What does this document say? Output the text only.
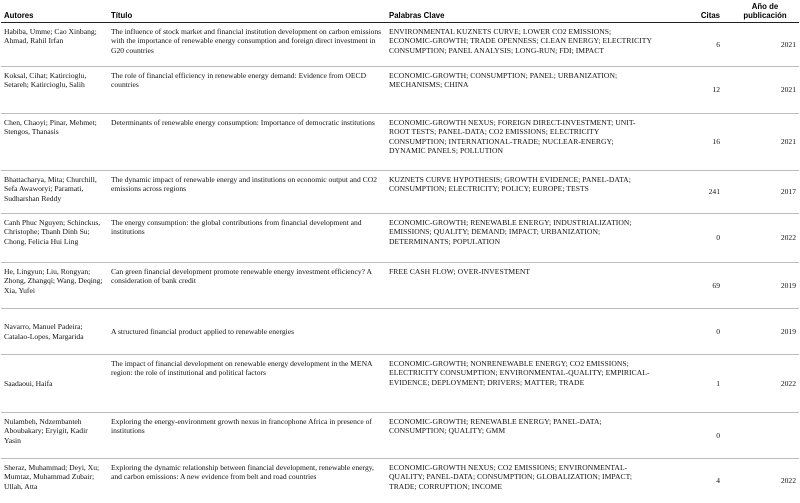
Autores	Título	Palabras Clave	Citas	Año de publicación
Habiba, Umme; Cao Xinbang; Ahmad, Rahil Irfan	The influence of stock market and financial institution development on carbon emissions with the importance of renewable energy consumption and foreign direct investment in G20 countries	ENVIRONMENTAL KUZNETS CURVE; LOWER CO2 EMISSIONS; ECONOMIC-GROWTH; TRADE OPENNESS; CLEAN ENERGY; ELECTRICITY CONSUMPTION; PANEL ANALYSIS; LONG-RUN; FDI; IMPACT	6	2021
Koksal, Cihat; Katircioglu, Setareh; Katircioglu, Salih	The role of financial efficiency in renewable energy demand: Evidence from OECD countries	ECONOMIC-GROWTH; CONSUMPTION; PANEL; URBANIZATION; MECHANISMS; CHINA	12	2021
Chen, Chaoyi; Pinar, Mehmet; Stengos, Thanasis	Determinants of renewable energy consumption: Importance of democratic institutions	ECONOMIC-GROWTH NEXUS; FOREIGN DIRECT-INVESTMENT; UNIT-ROOT TESTS; PANEL-DATA; CO2 EMISSIONS; ELECTRICITY CONSUMPTION; INTERNATIONAL-TRADE; NUCLEAR-ENERGY; DYNAMIC PANELS; POLLUTION	16	2021
Bhattacharya, Mita; Churchill, Sefa Awaworyi; Paramati, Sudharshan Reddy	The dynamic impact of renewable energy and institutions on economic output and CO2 emissions across regions	KUZNETS CURVE HYPOTHESIS; GROWTH EVIDENCE; PANEL-DATA; CONSUMPTION; ELECTRICITY; POLICY; EUROPE; TESTS	241	2017
Canh Phuc Nguyen; Schinckus, Christophe; Thanh Dinh Su; Chong, Felicia Hui Ling	The energy consumption: the global contributions from financial development and institutions	ECONOMIC-GROWTH; RENEWABLE ENERGY; INDUSTRIALIZATION; EMISSIONS; QUALITY; DEMAND; IMPACT; URBANIZATION; DETERMINANTS; POPULATION	0	2022
He, Lingyun; Liu, Rongyan; Zhong, Zhangqi; Wang, Deqing; Xia, Yufei	Can green financial development promote renewable energy investment efficiency? A consideration of bank credit	FREE CASH FLOW; OVER-INVESTMENT	69	2019
Navarro, Manuel Padeira; Catalao-Lopes, Margarida	A structured financial product applied to renewable energies		0	2019
Saadaoui, Haifa	The impact of financial development on renewable energy development in the MENA region: the role of institutional and political factors	ECONOMIC-GROWTH; NONRENEWABLE ENERGY; CO2 EMISSIONS; ELECTRICITY CONSUMPTION; ENVIRONMENTAL-QUALITY; EMPIRICAL-EVIDENCE; DEPLOYMENT; DRIVERS; MATTER; TRADE	1	2022
Nulambeh, Ndzembanteh Aboubakary; Eryigit, Kadir Yasin	Exploring the energy-environment growth nexus in francophone Africa in presence of institutions	ECONOMIC-GROWTH; RENEWABLE ENERGY; PANEL-DATA; CONSUMPTION; QUALITY; GMM	0	
Sheraz, Muhammad; Deyi, Xu; Mumtaz, Muhammad Zubair; Ullah, Atta	Exploring the dynamic relationship between financial development, renewable energy, and carbon emissions: A new evidence from belt and road countries	ECONOMIC-GROWTH NEXUS; CO2 EMISSIONS; ENVIRONMENTAL-QUALITY; PANEL-DATA; CONSUMPTION; GLOBALIZATION; IMPACT; TRADE; CORRUPTION; INCOME	4	2022
